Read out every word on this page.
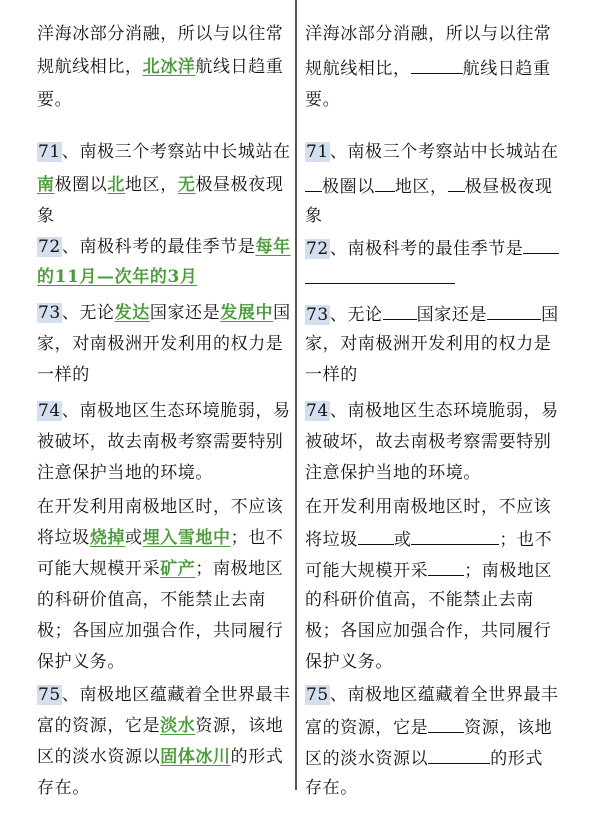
洋海冰部分消融，所以与以往常
规航线相比，北冰洋航线日趋重
要。
71、南极三个考察站中长城站在
南极圈以北地区，无极昼极夜现
象
72、南极科考的最佳季节是每年
的11月—次年的3月
73、无论发达国家还是发展中国
家，对南极洲开发利用的权力是
一样的
74、南极地区生态环境脆弱，易
被破坏，故去南极考察需要特别
注意保护当地的环境。
在开发利用南极地区时，不应该
将垃圾烧掉或埋入雪地中；也不
可能大规模开采矿产；南极地区
的科研价值高，不能禁止去南
极；各国应加强合作，共同履行
保护义务。
75、南极地区蕴藏着全世界最丰
富的资源，它是淡水资源，该地
区的淡水资源以固体冰川的形式
存在。
洋海冰部分消融，所以与以往常
规航线相比，	航线日趋重
要。
71、南极三个考察站中长城站在
极圈以 地区， 极昼极夜现
象
72、南极科考的最佳季节是
73、无论 国家还是	国
家，对南极洲开发利用的权力是
一样的
74、南极地区生态环境脆弱，易
被破坏，故去南极考察需要特别
注意保护当地的环境。
在开发利用南极地区时，不应该
将垃圾 或	；也不
可能大规模开采 ；南极地区
的科研价值高，不能禁止去南
极；各国应加强合作，共同履行
保护义务。
75、南极地区蕴藏着全世界最丰
富的资源，它是 资源，该地
区的淡水资源以	的形式
存在。
